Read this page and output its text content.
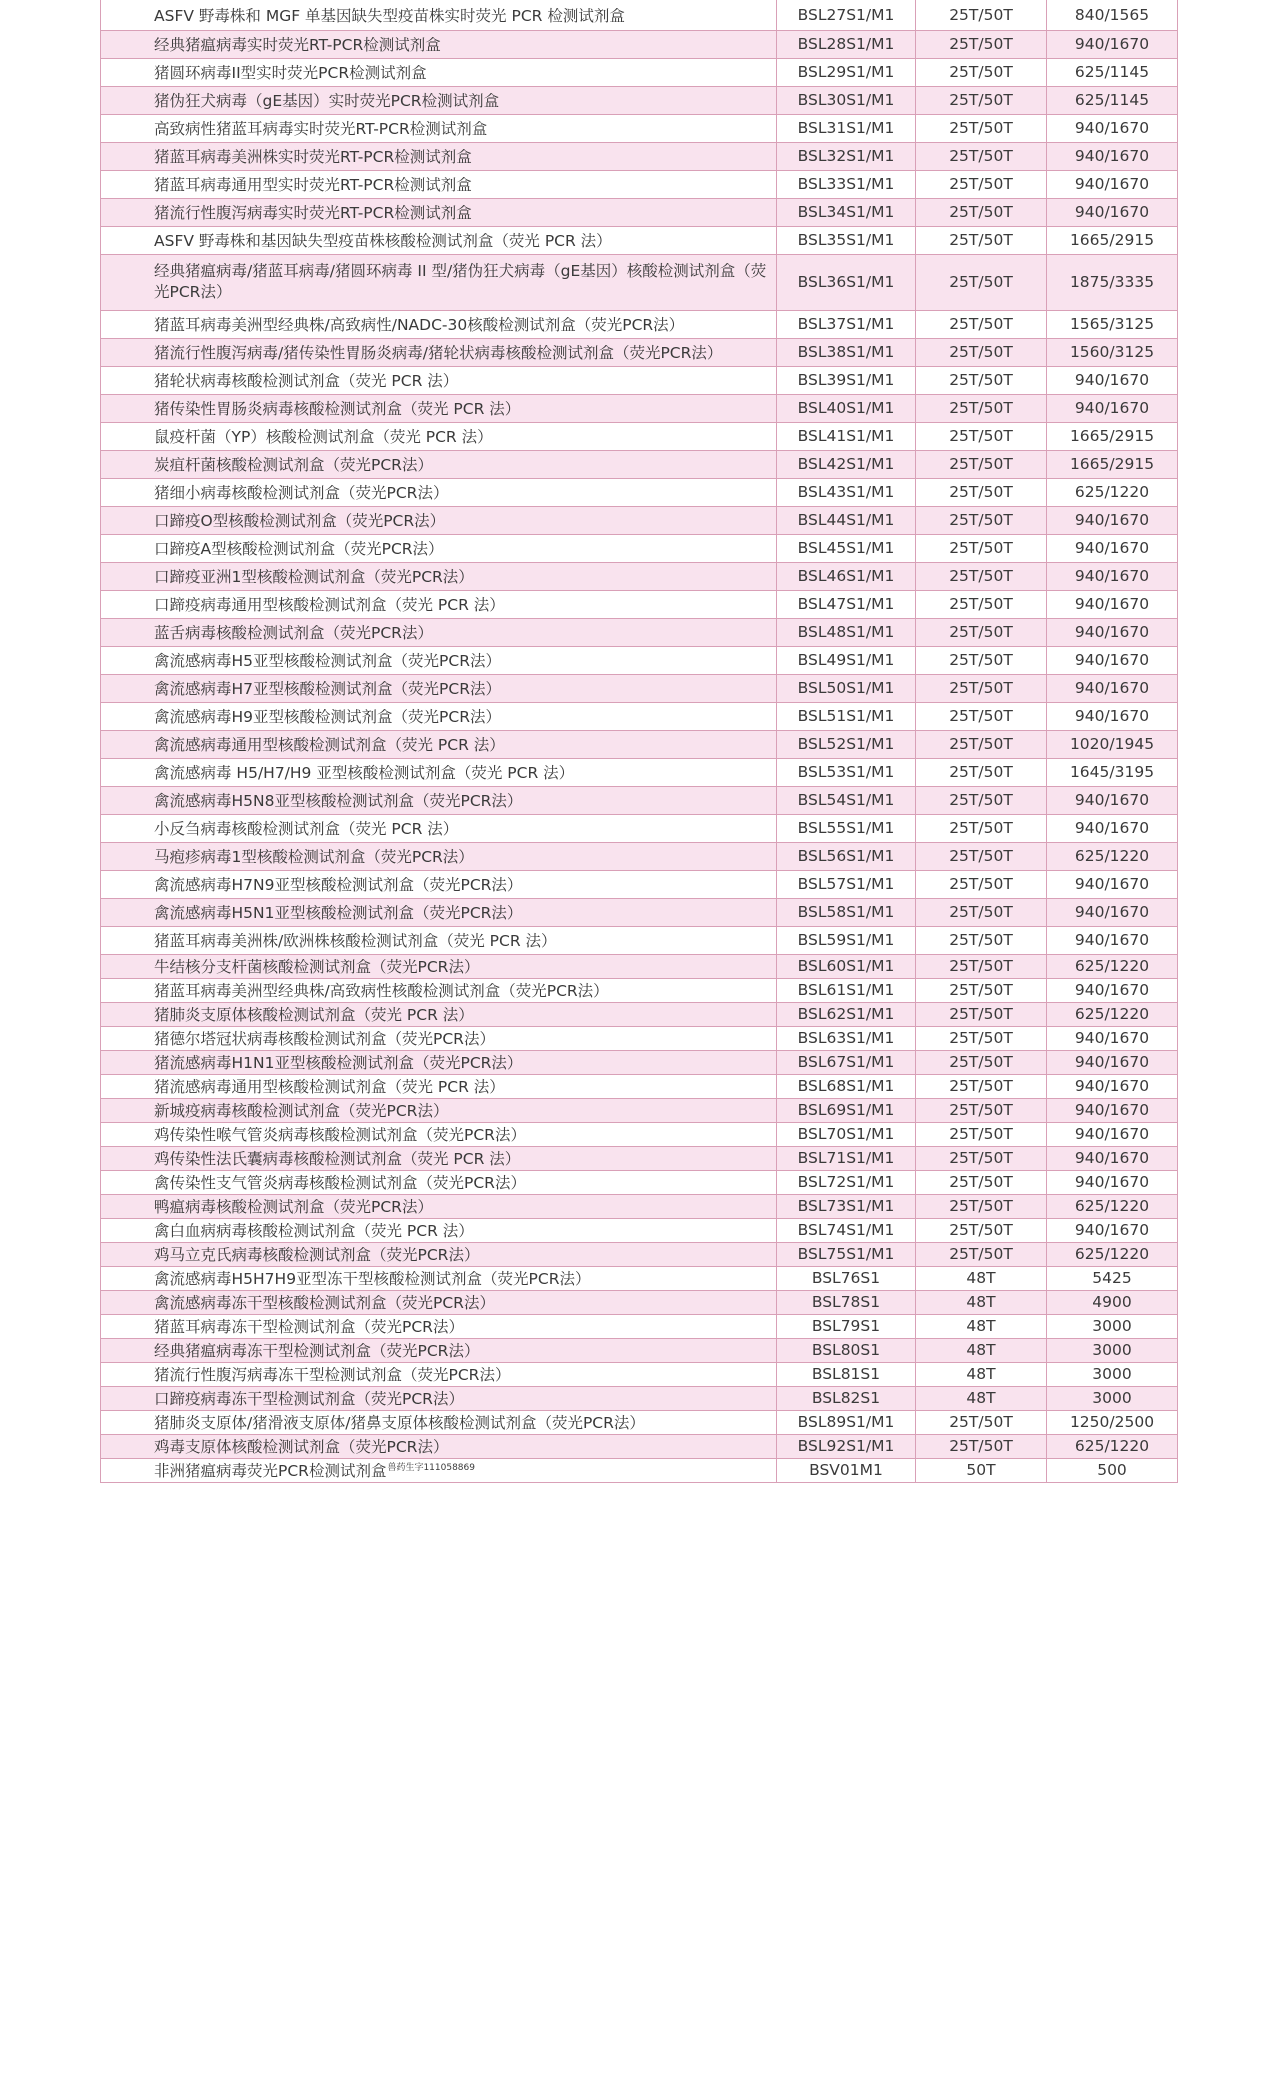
ASFV 野毒株和 MGF 单基因缺失型疫苗株实时荧光 PCR 检测试剂盒	BSL27S1/M1	25T/50T	840/1565
经典猪瘟病毒实时荧光RT-PCR检测试剂盒	BSL28S1/M1	25T/50T	940/1670
猪圆环病毒II型实时荧光PCR检测试剂盒	BSL29S1/M1	25T/50T	625/1145
猪伪狂犬病毒（gE基因）实时荧光PCR检测试剂盒	BSL30S1/M1	25T/50T	625/1145
高致病性猪蓝耳病毒实时荧光RT-PCR检测试剂盒	BSL31S1/M1	25T/50T	940/1670
猪蓝耳病毒美洲株实时荧光RT-PCR检测试剂盒	BSL32S1/M1	25T/50T	940/1670
猪蓝耳病毒通用型实时荧光RT-PCR检测试剂盒	BSL33S1/M1	25T/50T	940/1670
猪流行性腹泻病毒实时荧光RT-PCR检测试剂盒	BSL34S1/M1	25T/50T	940/1670
ASFV 野毒株和基因缺失型疫苗株核酸检测试剂盒（荧光 PCR 法）	BSL35S1/M1	25T/50T	1665/2915
经典猪瘟病毒/猪蓝耳病毒/猪圆环病毒 II 型/猪伪狂犬病毒（gE基因）核酸检测试剂盒（荧光PCR法）	BSL36S1/M1	25T/50T	1875/3335
猪蓝耳病毒美洲型经典株/高致病性/NADC-30核酸检测试剂盒（荧光PCR法）	BSL37S1/M1	25T/50T	1565/3125
猪流行性腹泻病毒/猪传染性胃肠炎病毒/猪轮状病毒核酸检测试剂盒（荧光PCR法）	BSL38S1/M1	25T/50T	1560/3125
猪轮状病毒核酸检测试剂盒（荧光 PCR 法）	BSL39S1/M1	25T/50T	940/1670
猪传染性胃肠炎病毒核酸检测试剂盒（荧光 PCR 法）	BSL40S1/M1	25T/50T	940/1670
鼠疫杆菌（YP）核酸检测试剂盒（荧光 PCR 法）	BSL41S1/M1	25T/50T	1665/2915
炭疽杆菌核酸检测试剂盒（荧光PCR法）	BSL42S1/M1	25T/50T	1665/2915
猪细小病毒核酸检测试剂盒（荧光PCR法）	BSL43S1/M1	25T/50T	625/1220
口蹄疫O型核酸检测试剂盒（荧光PCR法）	BSL44S1/M1	25T/50T	940/1670
口蹄疫A型核酸检测试剂盒（荧光PCR法）	BSL45S1/M1	25T/50T	940/1670
口蹄疫亚洲1型核酸检测试剂盒（荧光PCR法）	BSL46S1/M1	25T/50T	940/1670
口蹄疫病毒通用型核酸检测试剂盒（荧光 PCR 法）	BSL47S1/M1	25T/50T	940/1670
蓝舌病毒核酸检测试剂盒（荧光PCR法）	BSL48S1/M1	25T/50T	940/1670
禽流感病毒H5亚型核酸检测试剂盒（荧光PCR法）	BSL49S1/M1	25T/50T	940/1670
禽流感病毒H7亚型核酸检测试剂盒（荧光PCR法）	BSL50S1/M1	25T/50T	940/1670
禽流感病毒H9亚型核酸检测试剂盒（荧光PCR法）	BSL51S1/M1	25T/50T	940/1670
禽流感病毒通用型核酸检测试剂盒（荧光 PCR 法）	BSL52S1/M1	25T/50T	1020/1945
禽流感病毒 H5/H7/H9 亚型核酸检测试剂盒（荧光 PCR 法）	BSL53S1/M1	25T/50T	1645/3195
禽流感病毒H5N8亚型核酸检测试剂盒（荧光PCR法）	BSL54S1/M1	25T/50T	940/1670
小反刍病毒核酸检测试剂盒（荧光 PCR 法）	BSL55S1/M1	25T/50T	940/1670
马疱疹病毒1型核酸检测试剂盒（荧光PCR法）	BSL56S1/M1	25T/50T	625/1220
禽流感病毒H7N9亚型核酸检测试剂盒（荧光PCR法）	BSL57S1/M1	25T/50T	940/1670
禽流感病毒H5N1亚型核酸检测试剂盒（荧光PCR法）	BSL58S1/M1	25T/50T	940/1670
猪蓝耳病毒美洲株/欧洲株核酸检测试剂盒（荧光 PCR 法）	BSL59S1/M1	25T/50T	940/1670
牛结核分支杆菌核酸检测试剂盒（荧光PCR法）	BSL60S1/M1	25T/50T	625/1220
猪蓝耳病毒美洲型经典株/高致病性核酸检测试剂盒（荧光PCR法）	BSL61S1/M1	25T/50T	940/1670
猪肺炎支原体核酸检测试剂盒（荧光 PCR 法）	BSL62S1/M1	25T/50T	625/1220
猪德尔塔冠状病毒核酸检测试剂盒（荧光PCR法）	BSL63S1/M1	25T/50T	940/1670
猪流感病毒H1N1亚型核酸检测试剂盒（荧光PCR法）	BSL67S1/M1	25T/50T	940/1670
猪流感病毒通用型核酸检测试剂盒（荧光 PCR 法）	BSL68S1/M1	25T/50T	940/1670
新城疫病毒核酸检测试剂盒（荧光PCR法）	BSL69S1/M1	25T/50T	940/1670
鸡传染性喉气管炎病毒核酸检测试剂盒（荧光PCR法）	BSL70S1/M1	25T/50T	940/1670
鸡传染性法氏囊病毒核酸检测试剂盒（荧光 PCR 法）	BSL71S1/M1	25T/50T	940/1670
禽传染性支气管炎病毒核酸检测试剂盒（荧光PCR法）	BSL72S1/M1	25T/50T	940/1670
鸭瘟病毒核酸检测试剂盒（荧光PCR法）	BSL73S1/M1	25T/50T	625/1220
禽白血病病毒核酸检测试剂盒（荧光 PCR 法）	BSL74S1/M1	25T/50T	940/1670
鸡马立克氏病毒核酸检测试剂盒（荧光PCR法）	BSL75S1/M1	25T/50T	625/1220
禽流感病毒H5H7H9亚型冻干型核酸检测试剂盒（荧光PCR法）	BSL76S1	48T	5425
禽流感病毒冻干型核酸检测试剂盒（荧光PCR法）	BSL78S1	48T	4900
猪蓝耳病毒冻干型检测试剂盒（荧光PCR法）	BSL79S1	48T	3000
经典猪瘟病毒冻干型检测试剂盒（荧光PCR法）	BSL80S1	48T	3000
猪流行性腹泻病毒冻干型检测试剂盒（荧光PCR法）	BSL81S1	48T	3000
口蹄疫病毒冻干型检测试剂盒（荧光PCR法）	BSL82S1	48T	3000
猪肺炎支原体/猪滑液支原体/猪鼻支原体核酸检测试剂盒（荧光PCR法）	BSL89S1/M1	25T/50T	1250/2500
鸡毒支原体核酸检测试剂盒（荧光PCR法）	BSL92S1/M1	25T/50T	625/1220
非洲猪瘟病毒荧光PCR检测试剂盒$^{兽药生字111058869}$	BSV01M1	50T	500
